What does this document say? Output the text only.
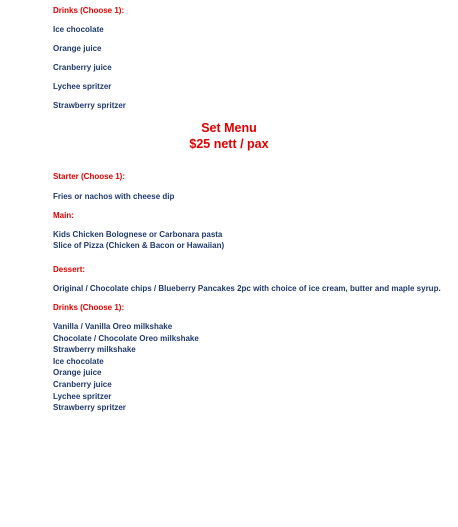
Drinks (Choose 1):
Ice chocolate
Orange juice
Cranberry juice
Lychee spritzer
Strawberry spritzer
Set Menu
$25 nett / pax
Starter (Choose 1):
Fries or nachos with cheese dip
Main:
Kids Chicken Bolognese or Carbonara pasta
Slice of Pizza (Chicken & Bacon or Hawaiian)
Dessert:
Original / Chocolate chips / Blueberry Pancakes 2pc with choice of ice cream, butter and maple syrup.
Drinks (Choose 1):
Vanilla / Vanilla Oreo milkshake
Chocolate / Chocolate Oreo milkshake
Strawberry milkshake
Ice chocolate
Orange juice
Cranberry juice
Lychee spritzer
Strawberry spritzer
